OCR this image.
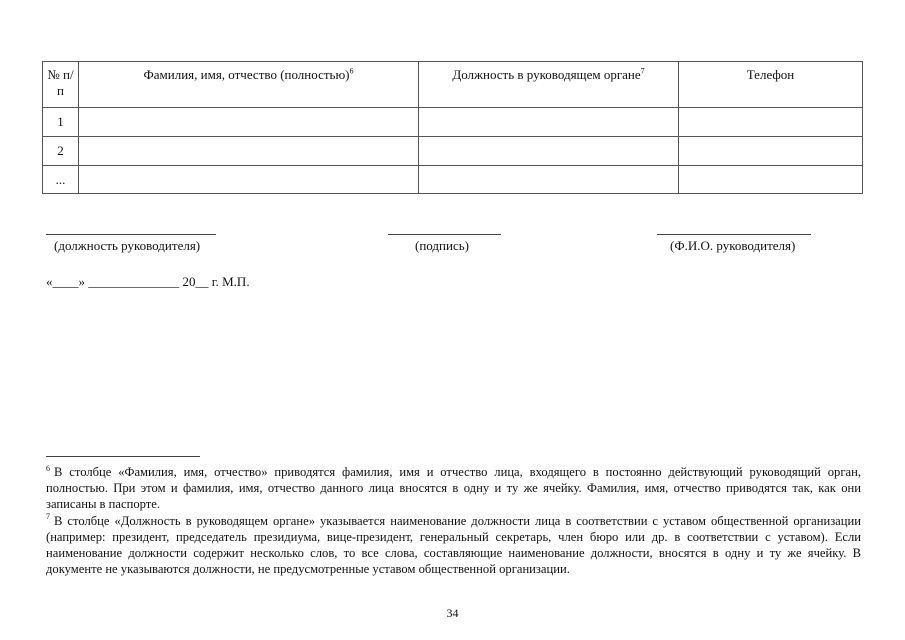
№ п/п	Фамилия, имя, отчество (полностью)$^6$	Должность в руководящем органе$^7$	Телефон
1			
2			
...			
(должность руководителя)	(подпись)	(Ф.И.О. руководителя)
«____» ______________ 20__ г. М.П.

$^6$ В столбце «Фамилия, имя, отчество» приводятся фамилия, имя и отчество лица, входящего в постоянно действующий руководящий орган, полностью. При этом и фамилия, имя, отчество данного лица вносятся в одну и ту же ячейку. Фамилия, имя, отчество приводятся так, как они записаны в паспорте.

$^7$ В столбце «Должность в руководящем органе» указывается наименование должности лица в соответствии с уставом общественной организации (например: президент, председатель президиума, вице-президент, генеральный секретарь, член бюро или др. в соответствии с уставом). Если наименование должности содержит несколько слов, то все слова, составляющие наименование должности, вносятся в одну и ту же ячейку. В документе не указываются должности, не предусмотренные уставом общественной организации.

34
